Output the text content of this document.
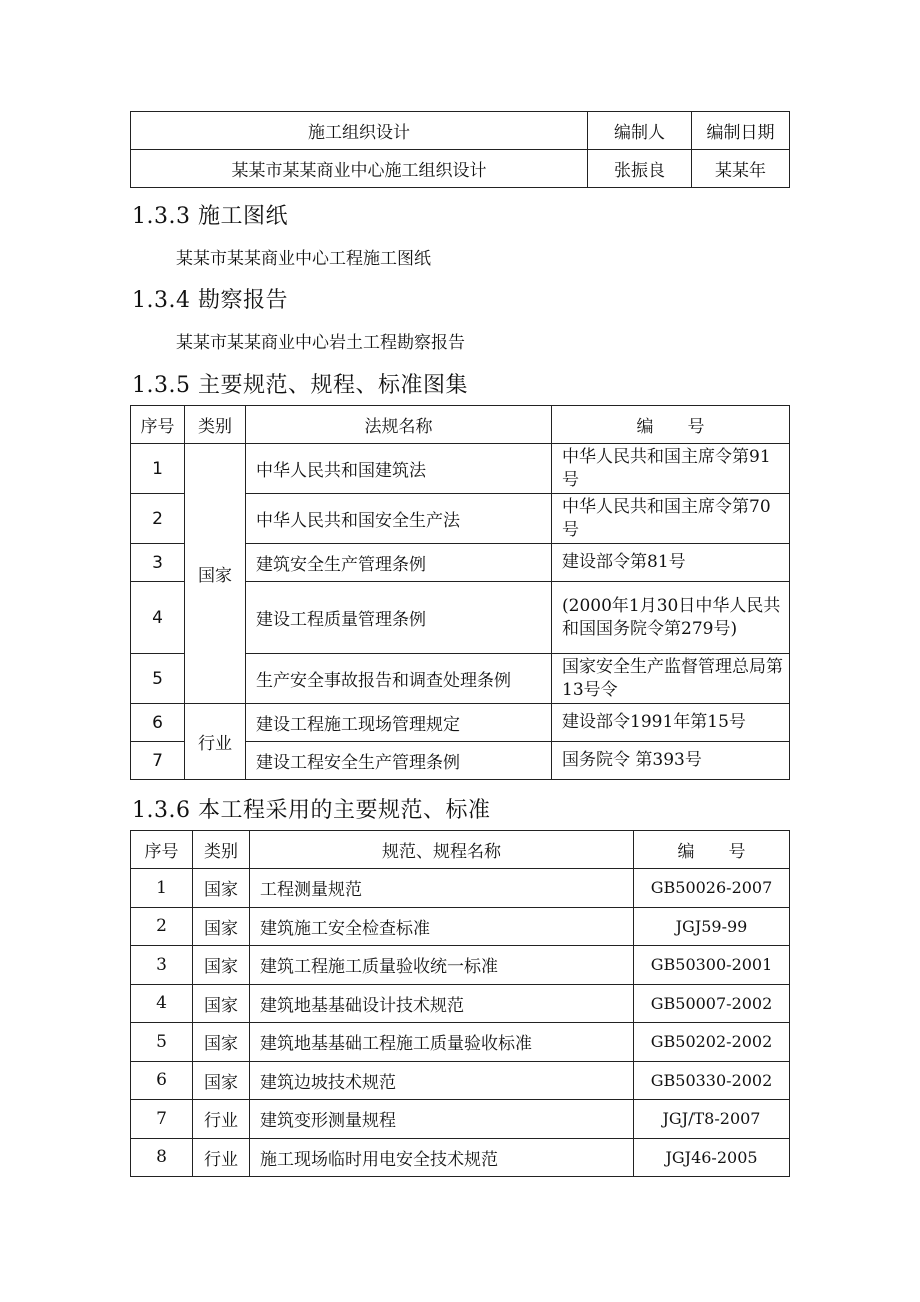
施工组织设计	编制人	编制日期
某某市某某商业中心施工组织设计	张振良	某某年
1.3.3 施工图纸
某某市某某商业中心工程施工图纸
1.3.4 勘察报告
某某市某某商业中心岩土工程勘察报告
1.3.5 主要规范、规程、标准图集
序号	类别	法规名称	编　　号
1	国家	中华人民共和国建筑法	中华人民共和国主席令第91号
2		中华人民共和国安全生产法	中华人民共和国主席令第70号
3		建筑安全生产管理条例	建设部令第81号
4		建设工程质量管理条例	(2000年1月30日中华人民共和国国务院令第279号)
5		生产安全事故报告和调查处理条例	国家安全生产监督管理总局第13号令
6	行业	建设工程施工现场管理规定	建设部令1991年第15号
7		建设工程安全生产管理条例	国务院令 第393号
1.3.6 本工程采用的主要规范、标准
序号	类别	规范、规程名称	编　　号
1	国家	工程测量规范	GB50026-2007
2	国家	建筑施工安全检查标准	JGJ59-99
3	国家	建筑工程施工质量验收统一标准	GB50300-2001
4	国家	建筑地基基础设计技术规范	GB50007-2002
5	国家	建筑地基基础工程施工质量验收标准	GB50202-2002
6	国家	建筑边坡技术规范	GB50330-2002
7	行业	建筑变形测量规程	JGJ/T8-2007
8	行业	施工现场临时用电安全技术规范	JGJ46-2005
